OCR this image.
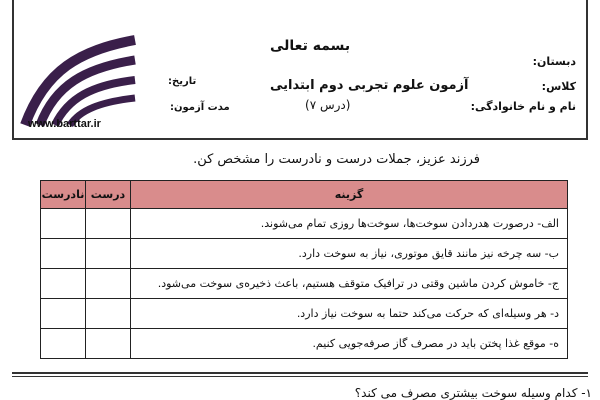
www.barttar.ir
بسمه تعالی
دبستان:
کلاس:
نام و نام خانوادگی:
آزمون علوم تجربی دوم ابتدایی
(درس ۷)
تاریخ:
مدت آزمون:
فرزند عزیز، جملات درست و نادرست را مشخص کن.
گزینه	درست	نادرست
الف- درصورت هدردادن سوخت‌ها، سوخت‌ها روزی تمام می‌شوند.		
ب- سه چرخه نیز مانند قایق موتوری، نیاز به سوخت دارد.		
ج- خاموش کردن ماشین وقتی در ترافیک متوقف هستیم، باعث ذخیره‌ی سوخت می‌شود.		
د- هر وسیله‌ای که حرکت می‌کند حتما به سوخت نیاز دارد.		
ه- موقع غذا پختن باید در مصرف گاز صرفه‌جویی کنیم.		
۱- کدام وسیله سوخت بیشتری مصرف می کند؟
